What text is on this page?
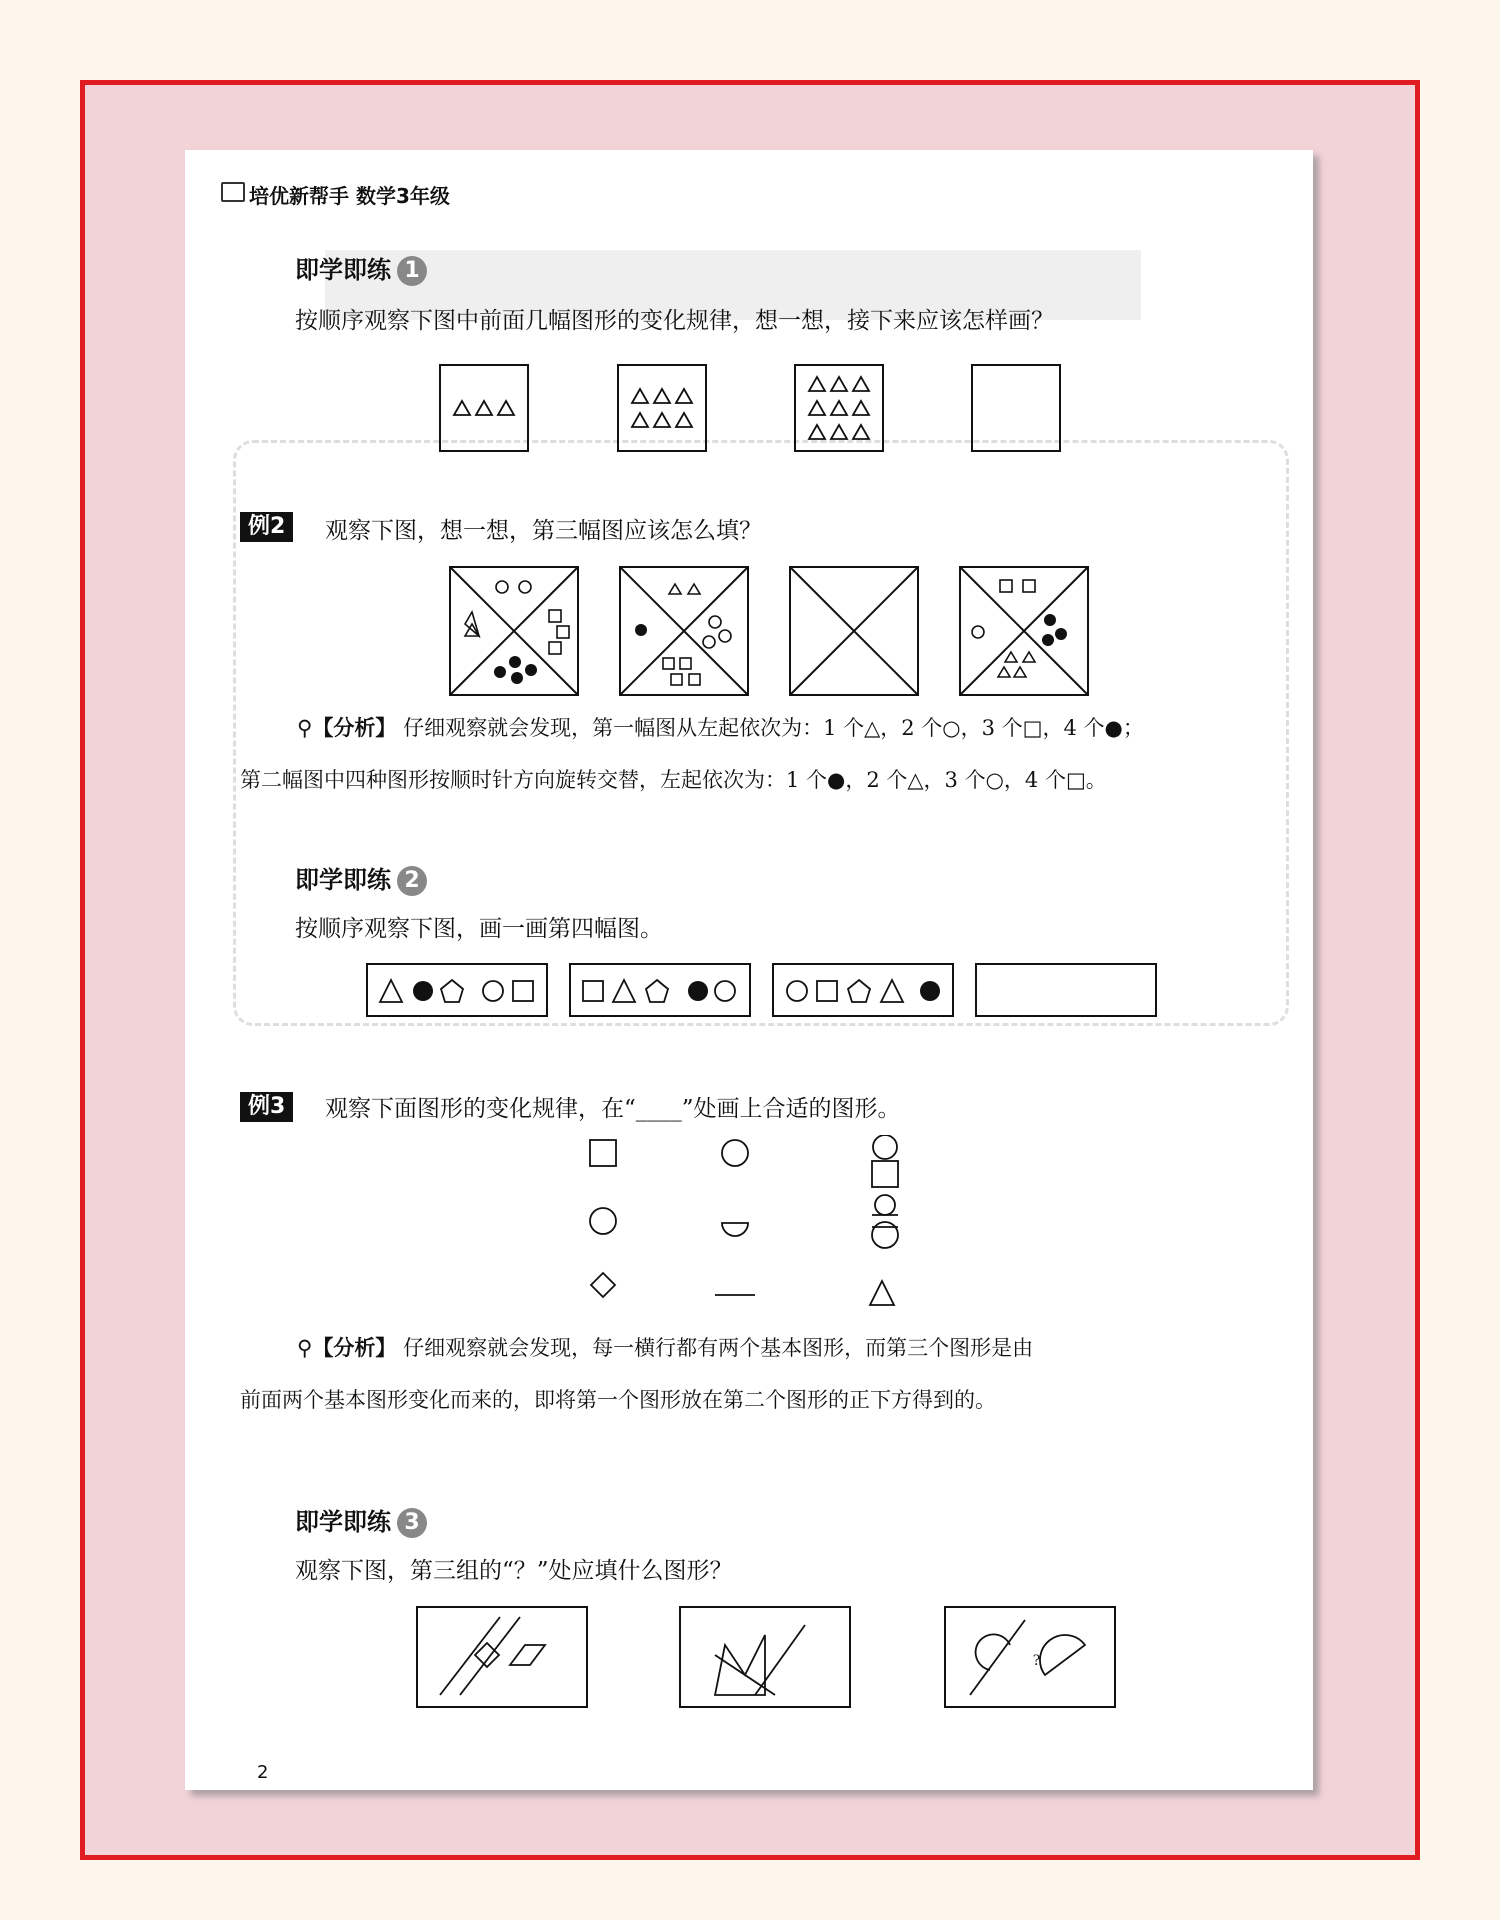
培优新帮手 数学3年级
即学即练 1
按顺序观察下图中前面几幅图形的变化规律，想一想，接下来应该怎样画？
例2	观察下图，想一想，第三幅图应该怎么填？
⚲【分析】 仔细观察就会发现，第一幅图从左起依次为：1 个△，2 个○，3 个□，4 个●；
第二幅图中四种图形按顺时针方向旋转交替，左起依次为：1 个●，2 个△，3 个○，4 个□。
即学即练 2
按顺序观察下图，画一画第四幅图。
例3	观察下面图形的变化规律，在“____”处画上合适的图形。
⚲【分析】 仔细观察就会发现，每一横行都有两个基本图形，而第三个图形是由
前面两个基本图形变化而来的，即将第一个图形放在第二个图形的正下方得到的。
即学即练 3
观察下图，第三组的“？”处应填什么图形？
?
2
